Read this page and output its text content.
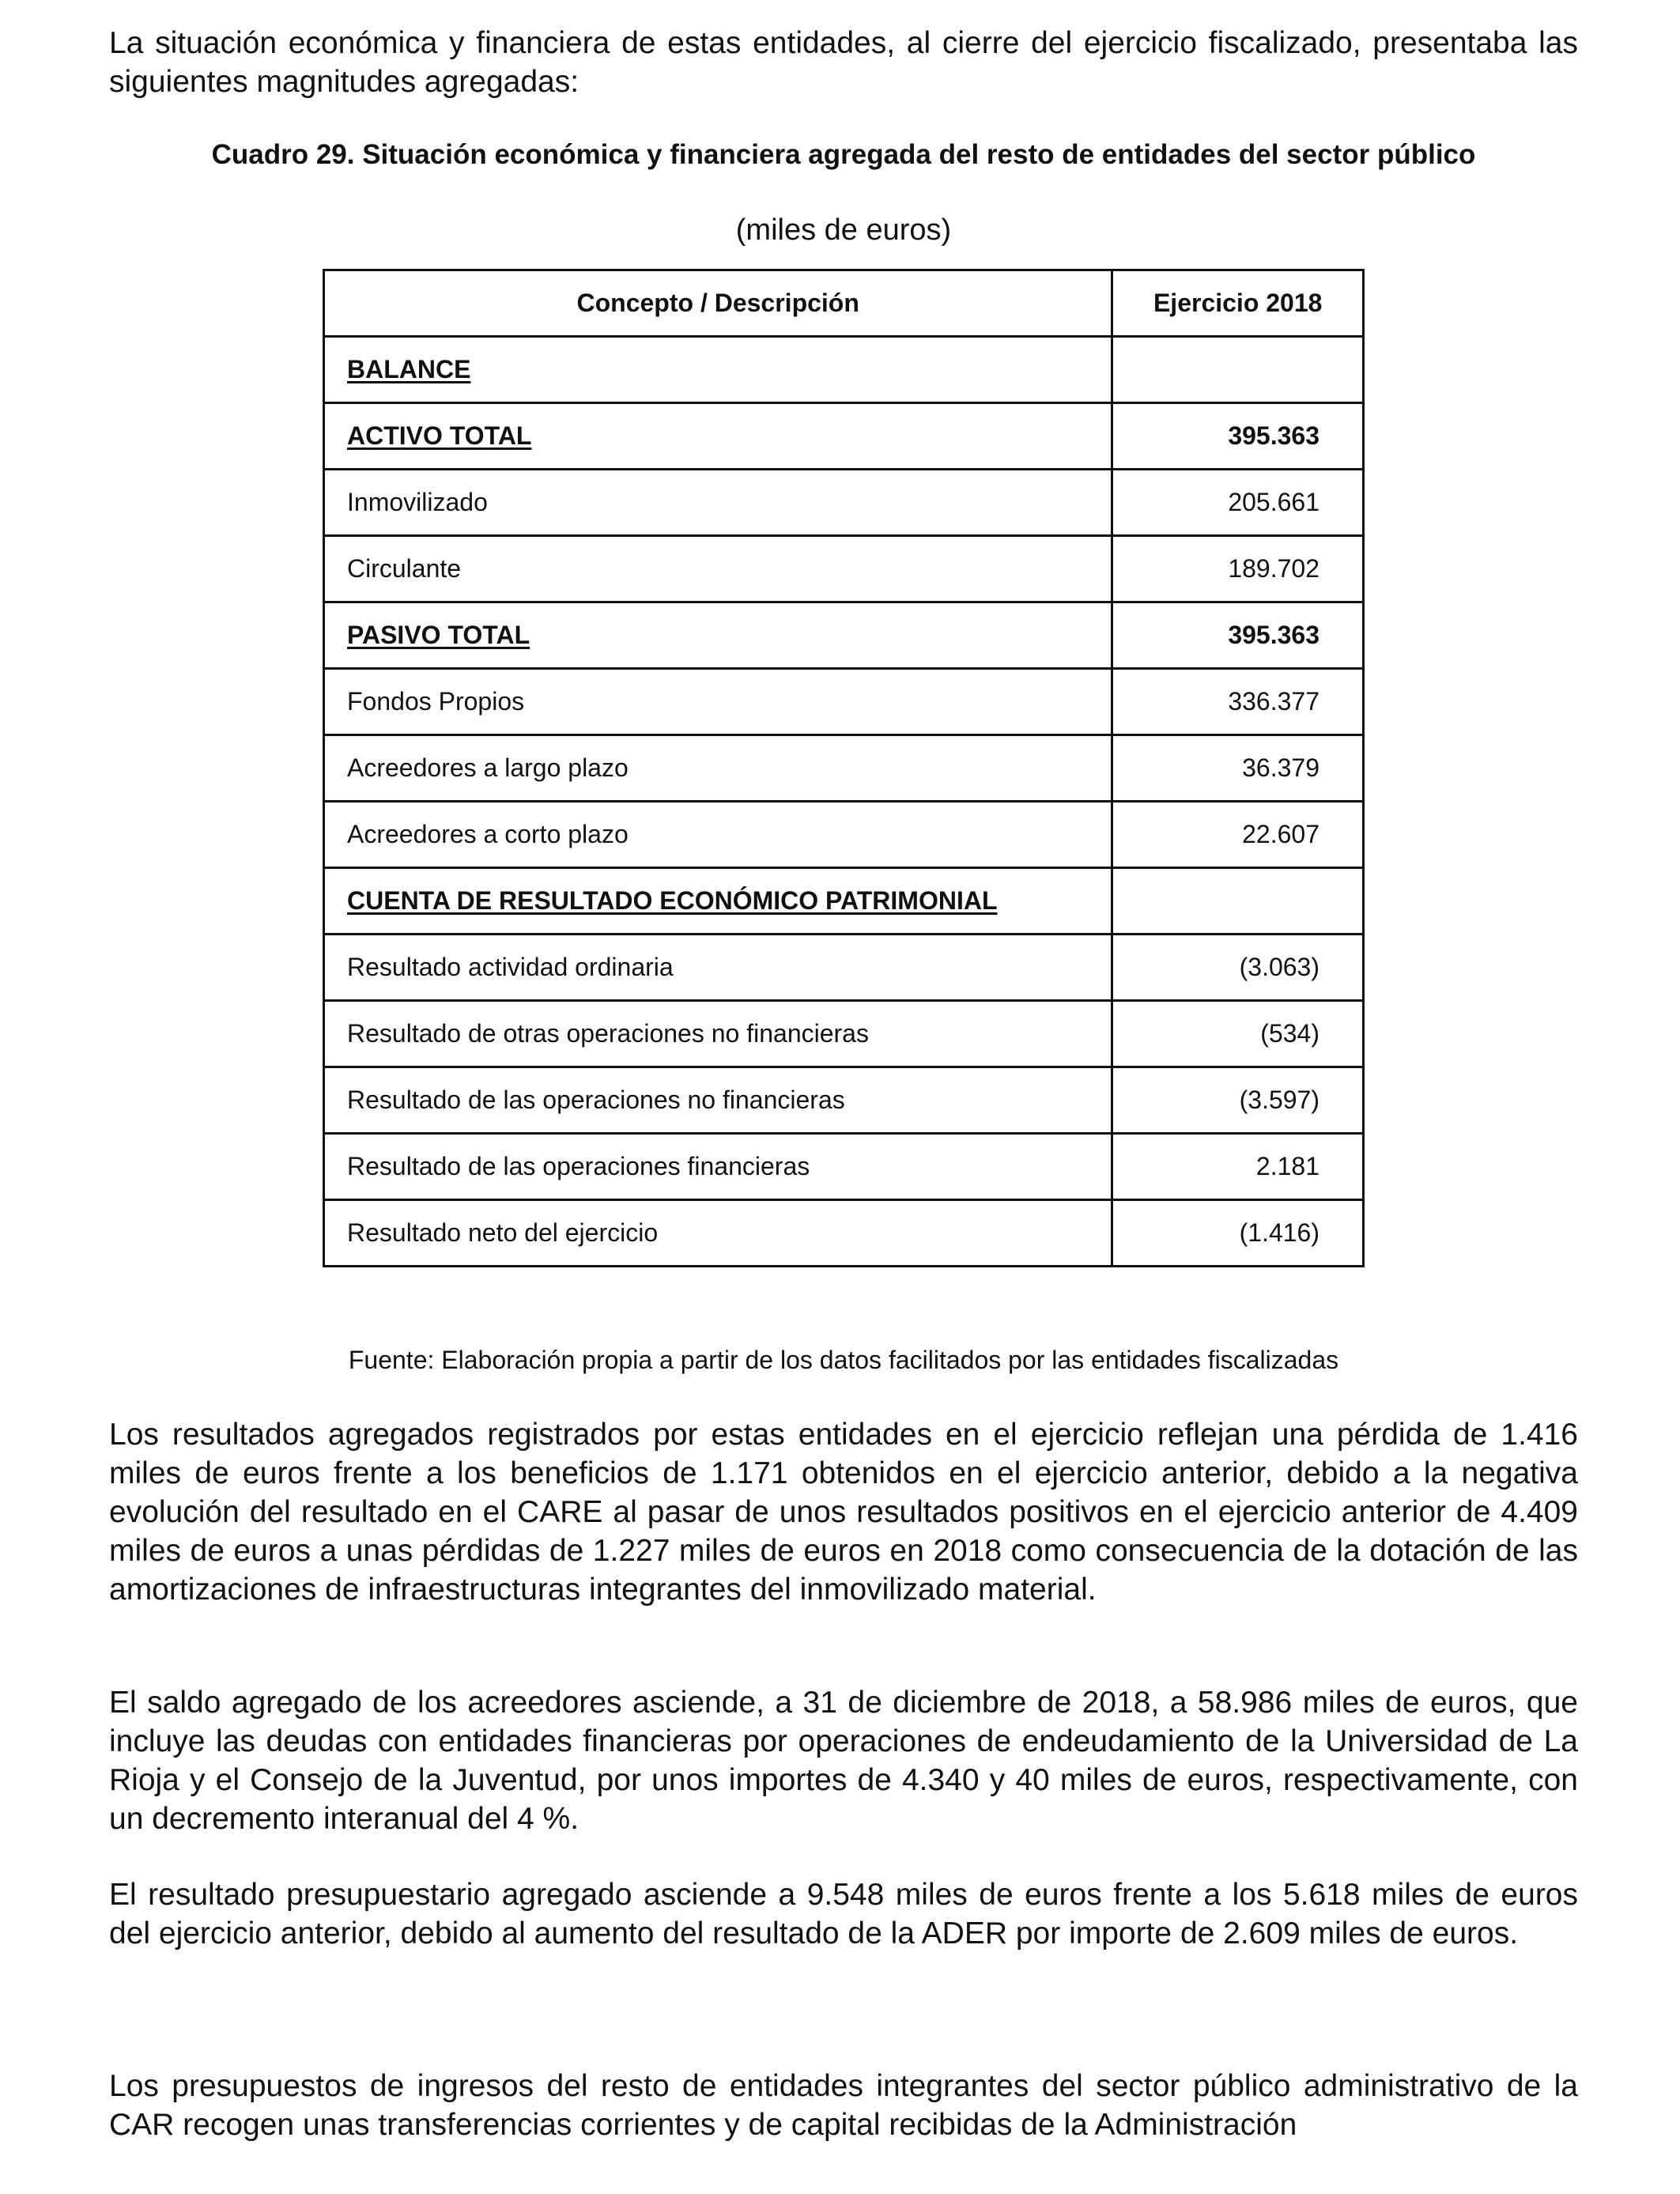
La situación económica y financiera de estas entidades, al cierre del ejercicio fiscalizado, presentaba las siguientes magnitudes agregadas:

Cuadro 29. Situación económica y financiera agregada del resto de entidades del sector público
(miles de euros)
Concepto / Descripción	Ejercicio 2018
BALANCE	
ACTIVO TOTAL	395.363
Inmovilizado	205.661
Circulante	189.702
PASIVO TOTAL	395.363
Fondos Propios	336.377
Acreedores a largo plazo	36.379
Acreedores a corto plazo	22.607
CUENTA DE RESULTADO ECONÓMICO PATRIMONIAL	
Resultado actividad ordinaria	(3.063)
Resultado de otras operaciones no financieras	(534)
Resultado de las operaciones no financieras	(3.597)
Resultado de las operaciones financieras	2.181
Resultado neto del ejercicio	(1.416)
Fuente: Elaboración propia a partir de los datos facilitados por las entidades fiscalizadas

Los resultados agregados registrados por estas entidades en el ejercicio reflejan una pérdida de 1.416 miles de euros frente a los beneficios de 1.171 obtenidos en el ejercicio anterior, debido a la negativa evolución del resultado en el CARE al pasar de unos resultados positivos en el ejercicio anterior de 4.409 miles de euros a unas pérdidas de 1.227 miles de euros en 2018 como consecuencia de la dotación de las amortizaciones de infraestructuras integrantes del inmovilizado material.

El saldo agregado de los acreedores asciende, a 31 de diciembre de 2018, a 58.986 miles de euros, que incluye las deudas con entidades financieras por operaciones de endeudamiento de la Universidad de La Rioja y el Consejo de la Juventud, por unos importes de 4.340 y 40 miles de euros, respectivamente, con un decremento interanual del 4 %.

El resultado presupuestario agregado asciende a 9.548 miles de euros frente a los 5.618 miles de euros del ejercicio anterior, debido al aumento del resultado de la ADER por importe de 2.609 miles de euros.

Los presupuestos de ingresos del resto de entidades integrantes del sector público administrativo de la CAR recogen unas transferencias corrientes y de capital recibidas de la Administración
